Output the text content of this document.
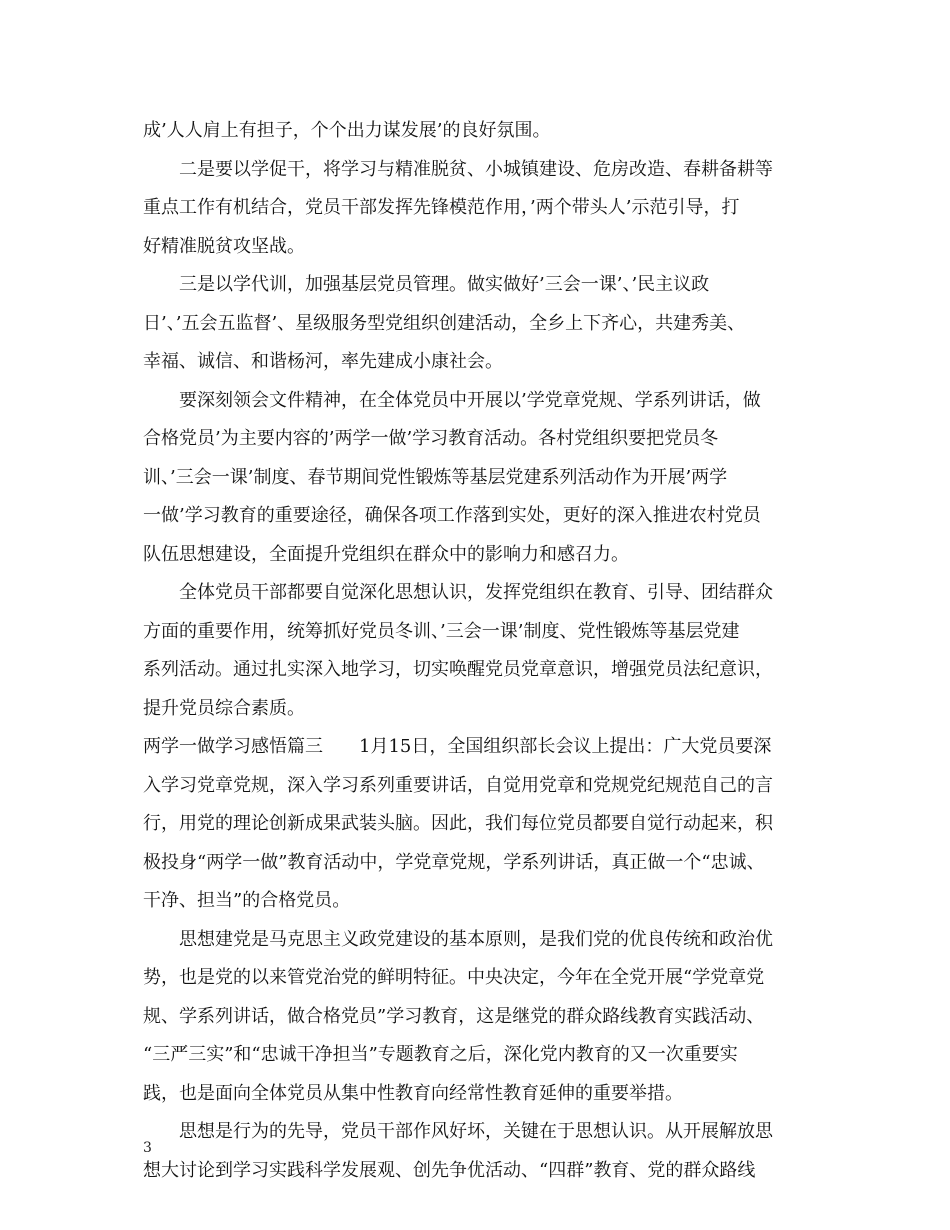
成’人人肩上有担子，个个出力谋发展’的良好氛围。
二是要以学促干，将学习与精准脱贫、小城镇建设、危房改造、春耕备耕等
重点工作有机结合，党员干部发挥先锋模范作用，’两个带头人’示范引导，打
好精准脱贫攻坚战。
三是以学代训，加强基层党员管理。做实做好’三会一课’、’民主议政
日’、’五会五监督’、星级服务型党组织创建活动，全乡上下齐心，共建秀美、
幸福、诚信、和谐杨河，率先建成小康社会。
要深刻领会文件精神，在全体党员中开展以’学党章党规、学系列讲话，做
合格党员’为主要内容的’两学一做’学习教育活动。各村党组织要把党员冬
训、’三会一课’制度、春节期间党性锻炼等基层党建系列活动作为开展’两学
一做’学习教育的重要途径，确保各项工作落到实处，更好的深入推进农村党员
队伍思想建设，全面提升党组织在群众中的影响力和感召力。
全体党员干部都要自觉深化思想认识，发挥党组织在教育、引导、团结群众
方面的重要作用，统筹抓好党员冬训、’三会一课’制度、党性锻炼等基层党建
系列活动。通过扎实深入地学习，切实唤醒党员党章意识，增强党员法纪意识，
提升党员综合素质。
两学一做学习感悟篇三　　1月15日，全国组织部长会议上提出：广大党员要深
入学习党章党规，深入学习系列重要讲话，自觉用党章和党规党纪规范自己的言
行，用党的理论创新成果武装头脑。因此，我们每位党员都要自觉行动起来，积
极投身“两学一做”教育活动中，学党章党规，学系列讲话，真正做一个“忠诚、
干净、担当”的合格党员。
思想建党是马克思主义政党建设的基本原则，是我们党的优良传统和政治优
势，也是党的以来管党治党的鲜明特征。中央决定，今年在全党开展“学党章党
规、学系列讲话，做合格党员”学习教育，这是继党的群众路线教育实践活动、
“三严三实”和“忠诚干净担当”专题教育之后，深化党内教育的又一次重要实
践，也是面向全体党员从集中性教育向经常性教育延伸的重要举措。
思想是行为的先导，党员干部作风好坏，关键在于思想认识。从开展解放思
想大讨论到学习实践科学发展观、创先争优活动、“四群”教育、党的群众路线
3
